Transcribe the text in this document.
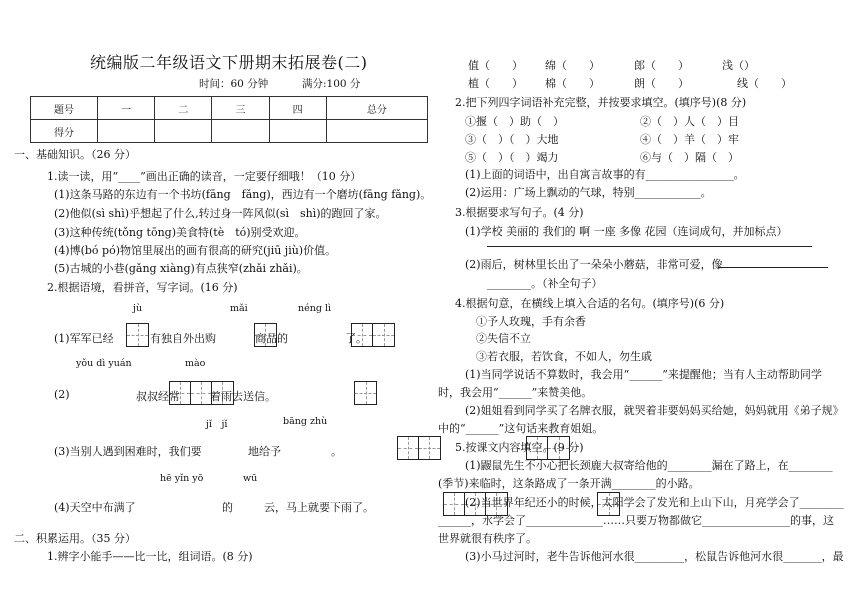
统编版二年级语文下册期末拓展卷(二)
时间：60 分钟	满分:100 分
题号	一	二	三	四	总分
得分					
一、基础知识。（26 分）
1.读一读，用“____”画出正确的读音，一定要仔细哦！（10 分）
(1)这条马路的东边有一个书坊(fāng　fǎng)，西边有一个磨坊(fāng fǎng)。
(2)他似(sì shì)乎想起了什么,转过身一阵风似(sì　shì)的跑回了家。
(3)这种传统(tǒng tōng)美食特(tè　tó)别受欢迎。
(4)博(bó pó)物馆里展出的画有很高的研究(jiū jiù)价值。
(5)古城的小巷(gǎng xiàng)有点狭窄(zhǎi zhǎi)。
2.根据语境，看拼音，写字词。(16 分)
jù	mǎi	néng lì
(1)军军已经
	有独自外出购
	商品的
	了。
yǒu dì yuán	mào
(2)
	叔叔经常
	着雨去送信。
jǐ　jǐ	bāng zhù
(3)当别人遇到困难时，我们要
	地给予
	。
hē yǐn yō	wū
(4)天空中布满了
	的	云，马上就要下雨了。
二、积累运用。（35 分）
1.辨字小能手——比一比，组词语。(8 分)
值（　　） 绵（　　）	郎（　　）	浅（）
植（　　） 棉（　　）	朗（　　）	线（　　）
2.把下列四字词语补充完整，并按要求填空。(填序号)(8 分)
①揠（　）助（　）	②（　）人（　）目
③（　）（　）大地	④（　）羊（　）牢
⑤（　）（　）竭力	⑥与（　）隔（　）
(1)上面的词语中，出自寓言故事的有________________。
(2)运用：广场上飘动的气球，特别____________。
3.根据要求写句子。(4 分)
(1)学校 美丽的 我们的 啊 一座 多像 花园（连词成句，并加标点）
(2)雨后，树林里长出了一朵朵小蘑菇，非常可爱，像
________。（补全句子）
4.根据句意，在横线上填入合适的名句。(填序号)(6 分)
①予人玫瑰，手有余香
②失信不立
③若衣服，若饮食，不如人，勿生戚
(1)当同学说话不算数时，我会用“______”来提醒他；当有人主动帮助同学
时，我会用“______”来赞美他。
(2)姐姐看到同学买了名牌衣服，就哭着非要妈妈买给她，妈妈就用《弟子规》
中的“______”这句话来教育姐姐。
5.按课文内容填空。(9 分)
(1)鼹鼠先生不小心把长颈鹿大叔寄给他的________漏在了路上，在________
(季节)来临时，这条路成了一条开满________的小路。
(2)当世界年纪还小的时候，太阳学会了发光和上山下山，月亮学会了________
______，水学会了______________……只要万物都做它________________的事，这
世界就很有秩序了。
(3)小马过河时，老牛告诉他河水很_________，松鼠告诉他河水很_______，最
